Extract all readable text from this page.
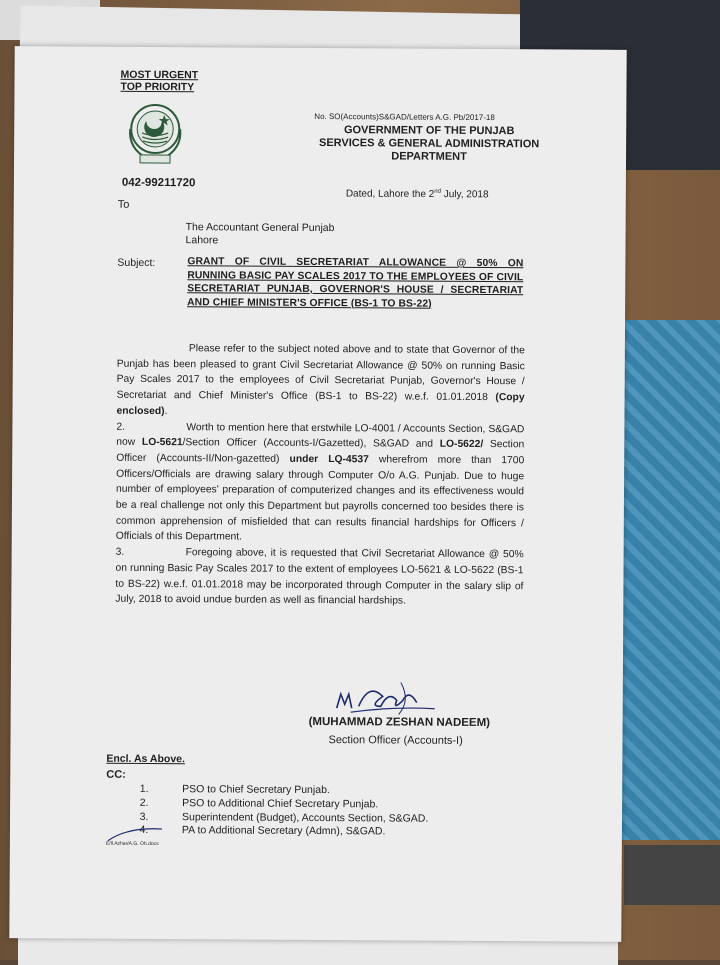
MOST URGENT
TOP PRIORITY
042-99211720
No. SO(Accounts)S&GAD/Letters A.G. Pb/2017-18
GOVERNMENT OF THE PUNJAB
SERVICES & GENERAL ADMINISTRATION
DEPARTMENT
Dated, Lahore the 2nd July, 2018
To
The Accountant General Punjab
Lahore
Subject:	GRANT OF CIVIL SECRETARIAT ALLOWANCE @ 50% ON RUNNING BASIC PAY SCALES 2017 TO THE EMPLOYEES OF CIVIL SECRETARIAT PUNJAB, GOVERNOR'S HOUSE / SECRETARIAT AND CHIEF MINISTER'S OFFICE (BS-1 TO BS-22)

Please refer to the subject noted above and to state that Governor of the Punjab has been pleased to grant Civil Secretariat Allowance @ 50% on running Basic Pay Scales 2017 to the employees of Civil Secretariat Punjab, Governor's House / Secretariat and Chief Minister's Office (BS-1 to BS-22) w.e.f. 01.01.2018 (Copy enclosed).

2.	Worth to mention here that erstwhile LO-4001 / Accounts Section, S&GAD now LO-5621/Section Officer (Accounts-I/Gazetted), S&GAD and LO-5622/ Section Officer (Accounts-II/Non-gazetted) under LQ-4537 wherefrom more than 1700 Officers/Officials are drawing salary through Computer O/o A.G. Punjab. Due to huge number of employees' preparation of computerized changes and its effectiveness would be a real challenge not only this Department but payrolls concerned too besides there is common apprehension of misfielded that can results financial hardships for Officers / Officials of this Department.

3.	Foregoing above, it is requested that Civil Secretariat Allowance @ 50% on running Basic Pay Scales 2017 to the extent of employees LO-5621 & LO-5622 (BS-1 to BS-22) w.e.f. 01.01.2018 may be incorporated through Computer in the salary slip of July, 2018 to avoid undue burden as well as financial hardships.

(MUHAMMAD ZESHAN NADEEM)
Section Officer (Accounts-I)
Encl. As Above.
CC:
1.	PSO to Chief Secretary Punjab.
2.	PSO to Additional Chief Secretary Punjab.
3.	Superintendent (Budget), Accounts Section, S&GAD.
4.	PA to Additional Secretary (Admn), S&GAD.
E/ll.Azhar/A.G. Oh.docs
